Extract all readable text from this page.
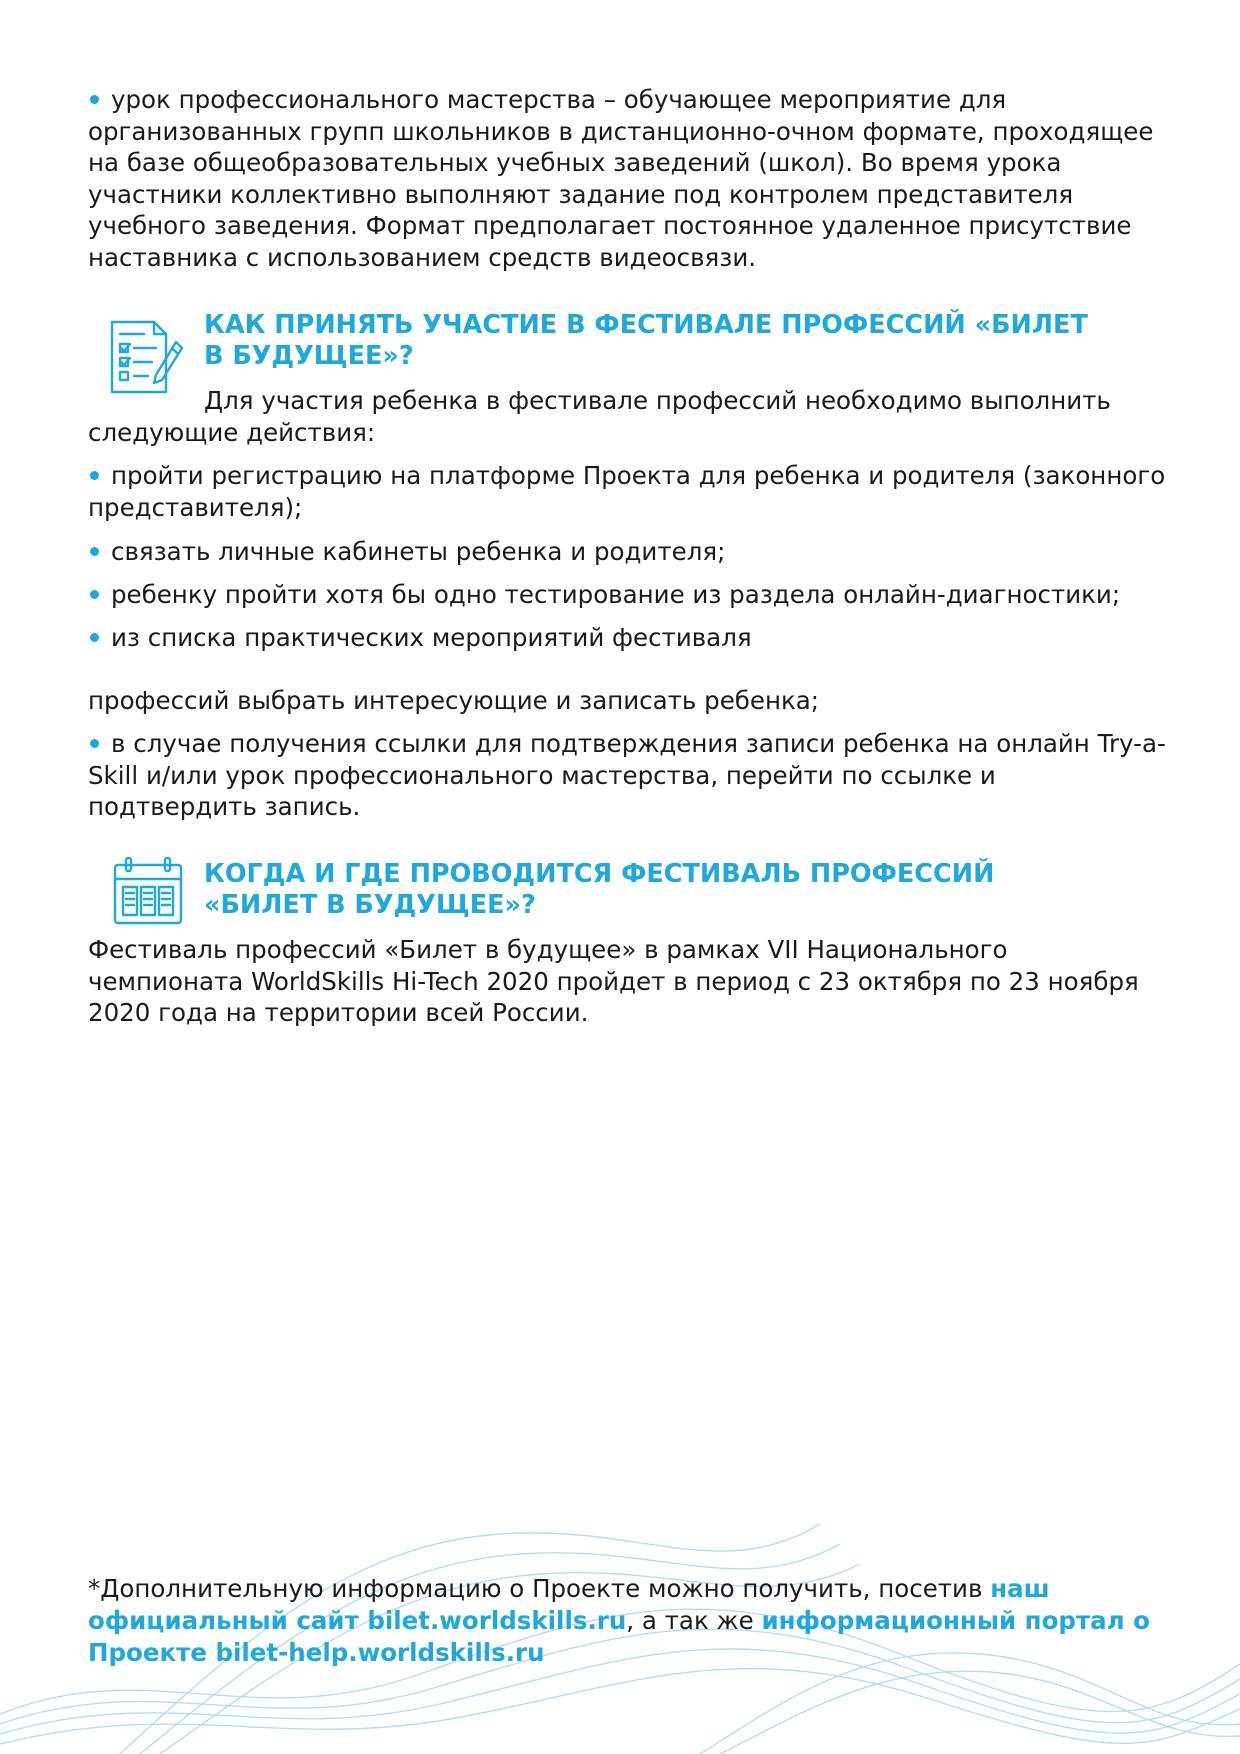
урок профессионального мастерства – обучающее мероприятие для организованных групп школьников в дистанционно-очном формате, проходящее на базе общеобразовательных учебных заведений (школ). Во время урока участники коллективно выполняют задание под контролем представителя учебного заведения. Формат предполагает постоянное удаленное присутствие наставника с использованием средств видеосвязи.

КАК ПРИНЯТЬ УЧАСТИЕ В ФЕСТИВАЛЕ ПРОФЕССИЙ «БИЛЕТ В БУДУЩЕЕ»?

Для участия ребенка в фестивале профессий необходимо выполнить следующие действия:

пройти регистрацию на платформе Проекта для ребенка и родителя (законного представителя);

связать личные кабинеты ребенка и родителя;

ребенку пройти хотя бы одно тестирование из раздела онлайн-диагностики;

из списка практических мероприятий фестиваля

профессий выбрать интересующие и записать ребенка;

в случае получения ссылки для подтверждения записи ребенка на онлайн Try-a-Skill и/или урок профессионального мастерства, перейти по ссылке и подтвердить запись.

КОГДА И ГДЕ ПРОВОДИТСЯ ФЕСТИВАЛЬ ПРОФЕССИЙ «БИЛЕТ В БУДУЩЕЕ»?

Фестиваль профессий «Билет в будущее» в рамках VII Национального чемпионата WorldSkills Hi-Tech 2020 пройдет в период с 23 октября по 23 ноября 2020 года на территории всей России.

*Дополнительную информацию о Проекте можно получить, посетив наш официальный сайт bilet.worldskills.ru, а так же информационный портал о Проекте bilet-help.worldskills.ru
